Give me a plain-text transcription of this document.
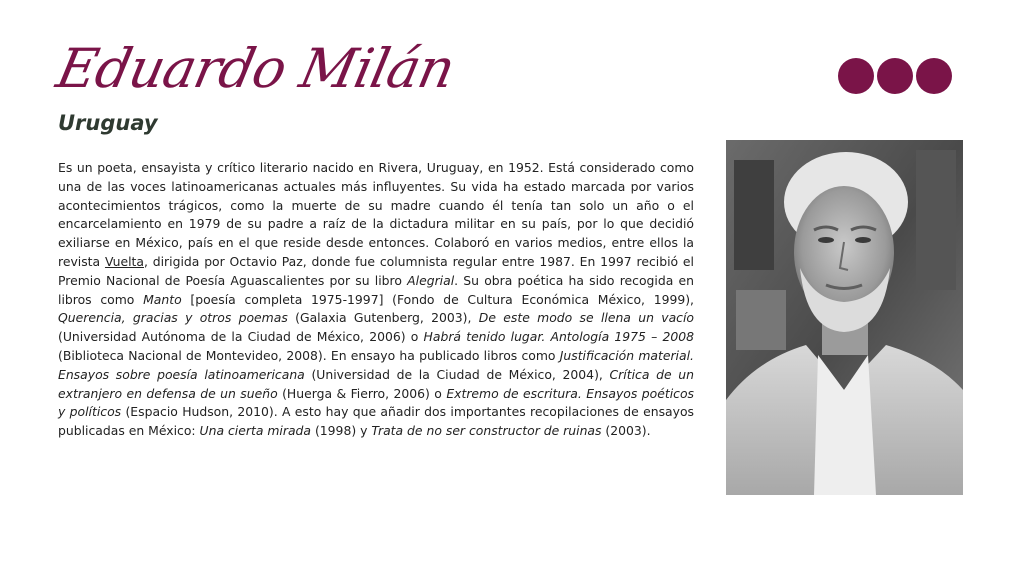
Eduardo Milán
Uruguay
Es un poeta, ensayista y crítico literario nacido en Rivera, Uruguay, en 1952. Está considerado como una de las voces latinoamericanas actuales más influyentes. Su vida ha estado marcada por varios acontecimientos trágicos, como la muerte de su madre cuando él tenía tan solo un año o el encarcelamiento en 1979 de su padre a raíz de la dictadura militar en su país, por lo que decidió exiliarse en México, país en el que reside desde entonces. Colaboró en varios medios, entre ellos la revista Vuelta, dirigida por Octavio Paz, donde fue columnista regular entre 1987. En 1997 recibió el Premio Nacional de Poesía Aguascalientes por su libro Alegrial. Su obra poética ha sido recogida en libros como Manto [poesía completa 1975-1997] (Fondo de Cultura Económica México, 1999), Querencia, gracias y otros poemas (Galaxia Gutenberg, 2003), De este modo se llena un vacío (Universidad Autónoma de la Ciudad de México, 2006) o Habrá tenido lugar. Antología 1975 – 2008 (Biblioteca Nacional de Montevideo, 2008). En ensayo ha publicado libros como Justificación material. Ensayos sobre poesía latinoamericana (Universidad de la Ciudad de México, 2004), Crítica de un extranjero en defensa de un sueño (Huerga & Fierro, 2006) o Extremo de escritura. Ensayos poéticos y políticos (Espacio Hudson, 2010). A esto hay que añadir dos importantes recopilaciones de ensayos publicadas en México: Una cierta mirada (1998) y Trata de no ser constructor de ruinas (2003).
